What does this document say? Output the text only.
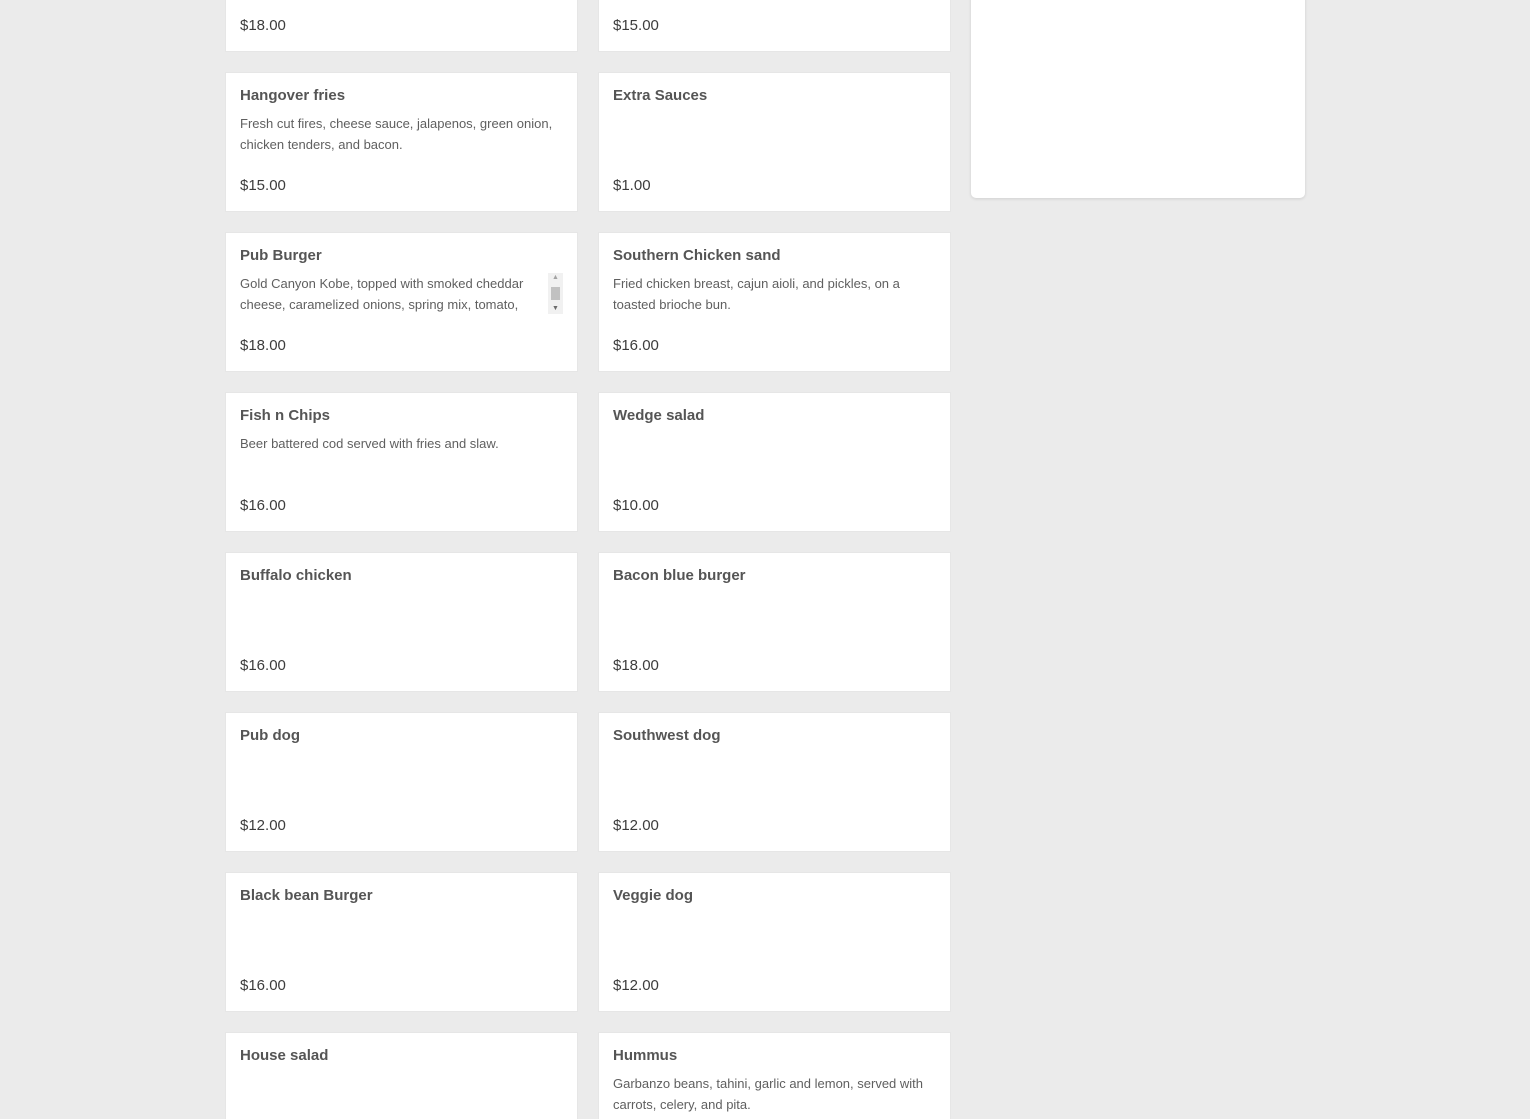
$18.00	$15.00
Hangover fries
Fresh cut fires, cheese sauce, jalapenos, green onion, chicken tenders, and bacon.
$15.00
Extra Sauces
$1.00
Pub Burger
Gold Canyon Kobe, topped with smoked cheddar cheese, caramelized onions, spring mix, tomato,
▲
▼
$18.00
Southern Chicken sand
Fried chicken breast, cajun aioli, and pickles, on a toasted brioche bun.
$16.00
Fish n Chips
Beer battered cod served with fries and slaw.
$16.00
Wedge salad
$10.00
Buffalo chicken
$16.00
Bacon blue burger
$18.00
Pub dog
$12.00
Southwest dog
$12.00
Black bean Burger
$16.00
Veggie dog
$12.00
House salad	Hummus
Garbanzo beans, tahini, garlic and lemon, served with carrots, celery, and pita.
